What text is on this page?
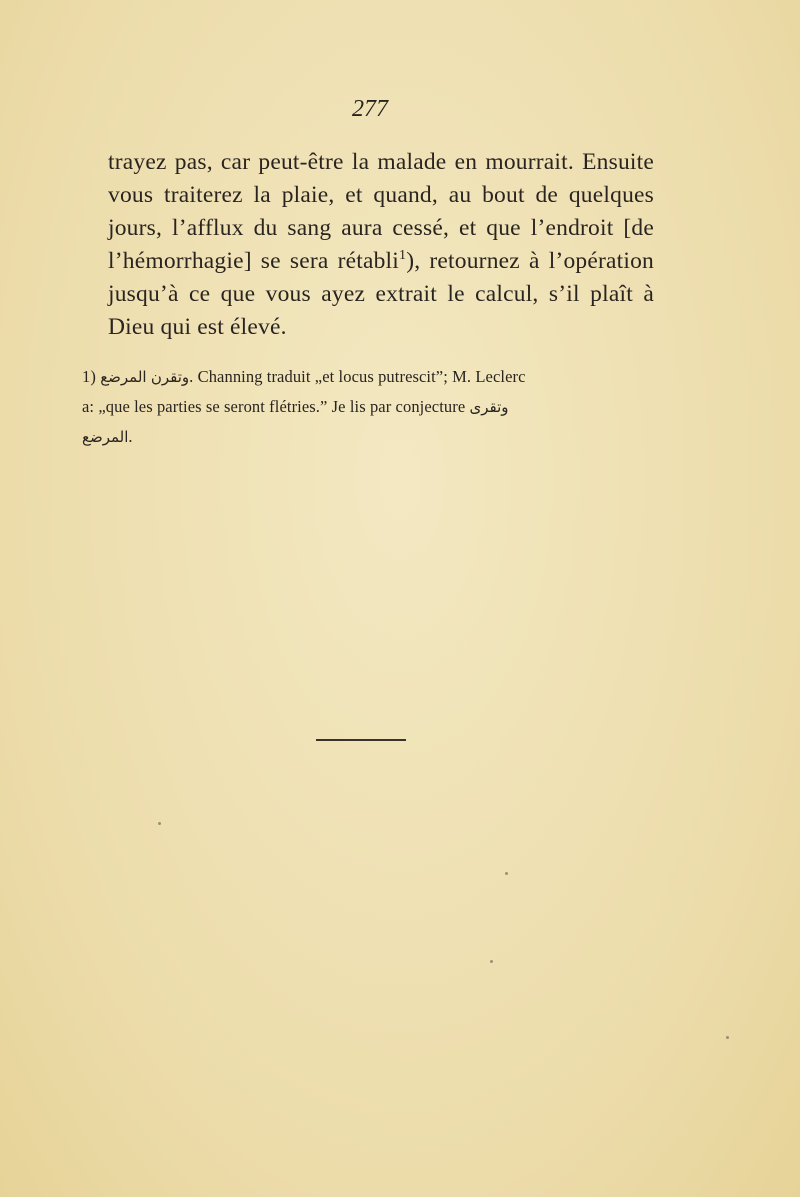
277
trayez pas, car peut-être la malade en mourrait. Ensuite
vous traiterez la plaie, et quand, au bout de quelques
jours, l’afflux du sang aura cessé, et que l’endroit [de
l’hémorrhagie] se sera rétabli$^1$), retournez à l’opération
jusqu’à ce que vous ayez extrait le calcul, s’il plaît à
Dieu qui est élevé.
1) المرضع وتقرن. Channing traduit „et locus putrescit”; M. Leclerc
a: „que les parties se seront flétries.” Je lis par conjecture وتقرى
المرضع.
